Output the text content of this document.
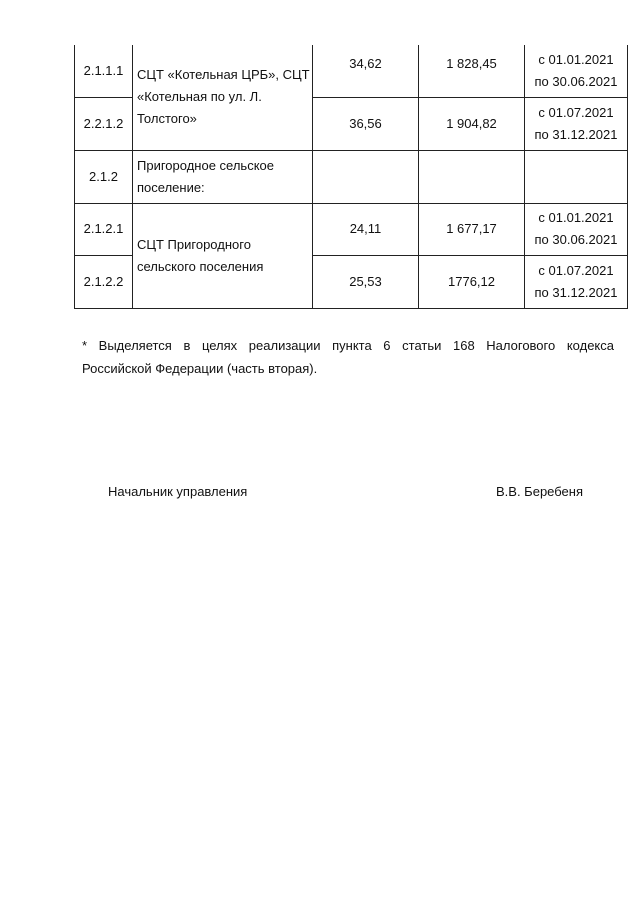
2.1.1.1	СЦТ «Котельная ЦРБ», СЦТ «Котельная по ул. Л. Толстого»	34,62	1 828,45	с 01.01.2021
по 30.06.2021

2.2.1.2		36,56	1 904,82	с 01.07.2021
по 31.12.2021

2.1.2	Пригородное сельское поселение:			
2.1.2.1	СЦТ Пригородного сельского поселения	24,11	1 677,17	с 01.01.2021
по 30.06.2021

2.1.2.2		25,53	1776,12	с 01.07.2021
по 31.12.2021
* Выделяется в целях реализации пункта 6 статьи 168 Налогового кодекса
Российской Федерации (часть вторая).
Начальник управления	В.В. Беребеня
